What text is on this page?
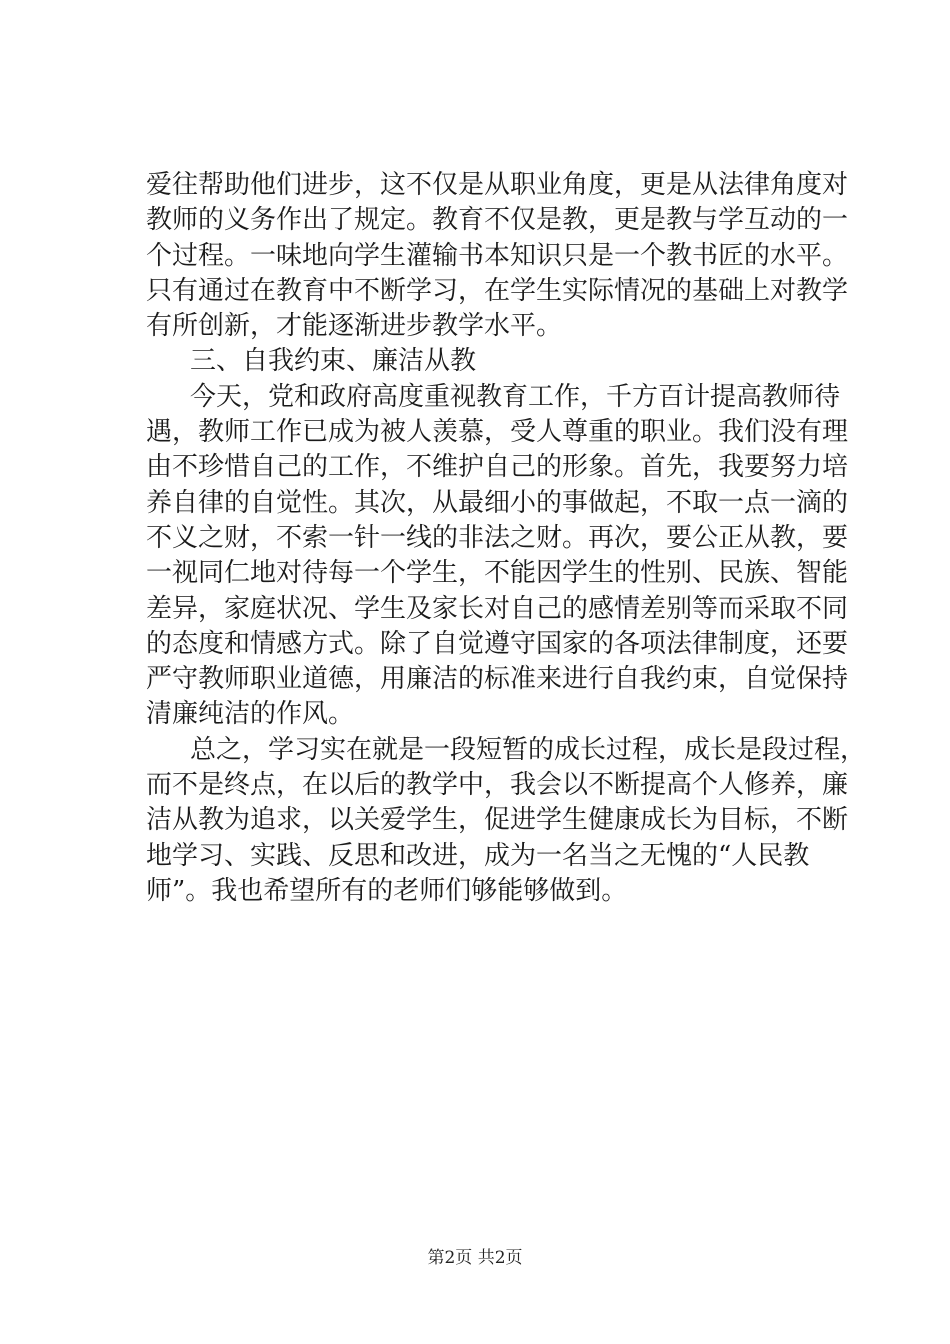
爱往帮助他们进步，这不仅是从职业角度，更是从法律角度对
教师的义务作出了规定。教育不仅是教，更是教与学互动的一
个过程。一味地向学生灌输书本知识只是一个教书匠的水平。
只有通过在教育中不断学习，在学生实际情况的基础上对教学
有所创新，才能逐渐进步教学水平。
三、自我约束、廉洁从教
今天，党和政府高度重视教育工作，千方百计提高教师待
遇，教师工作已成为被人羡慕，受人尊重的职业。我们没有理
由不珍惜自己的工作，不维护自己的形象。首先，我要努力培
养自律的自觉性。其次，从最细小的事做起，不取一点一滴的
不义之财，不索一针一线的非法之财。再次，要公正从教，要
一视同仁地对待每一个学生，不能因学生的性别、民族、智能
差异，家庭状况、学生及家长对自己的感情差别等而采取不同
的态度和情感方式。除了自觉遵守国家的各项法律制度，还要
严守教师职业道德，用廉洁的标准来进行自我约束，自觉保持
清廉纯洁的作风。
总之，学习实在就是一段短暂的成长过程，成长是段过程，
而不是终点，在以后的教学中，我会以不断提高个人修养，廉
洁从教为追求，以关爱学生，促进学生健康成长为目标，不断
地学习、实践、反思和改进，成为一名当之无愧的“人民教
师”。我也希望所有的老师们够能够做到。
第2页 共2页
